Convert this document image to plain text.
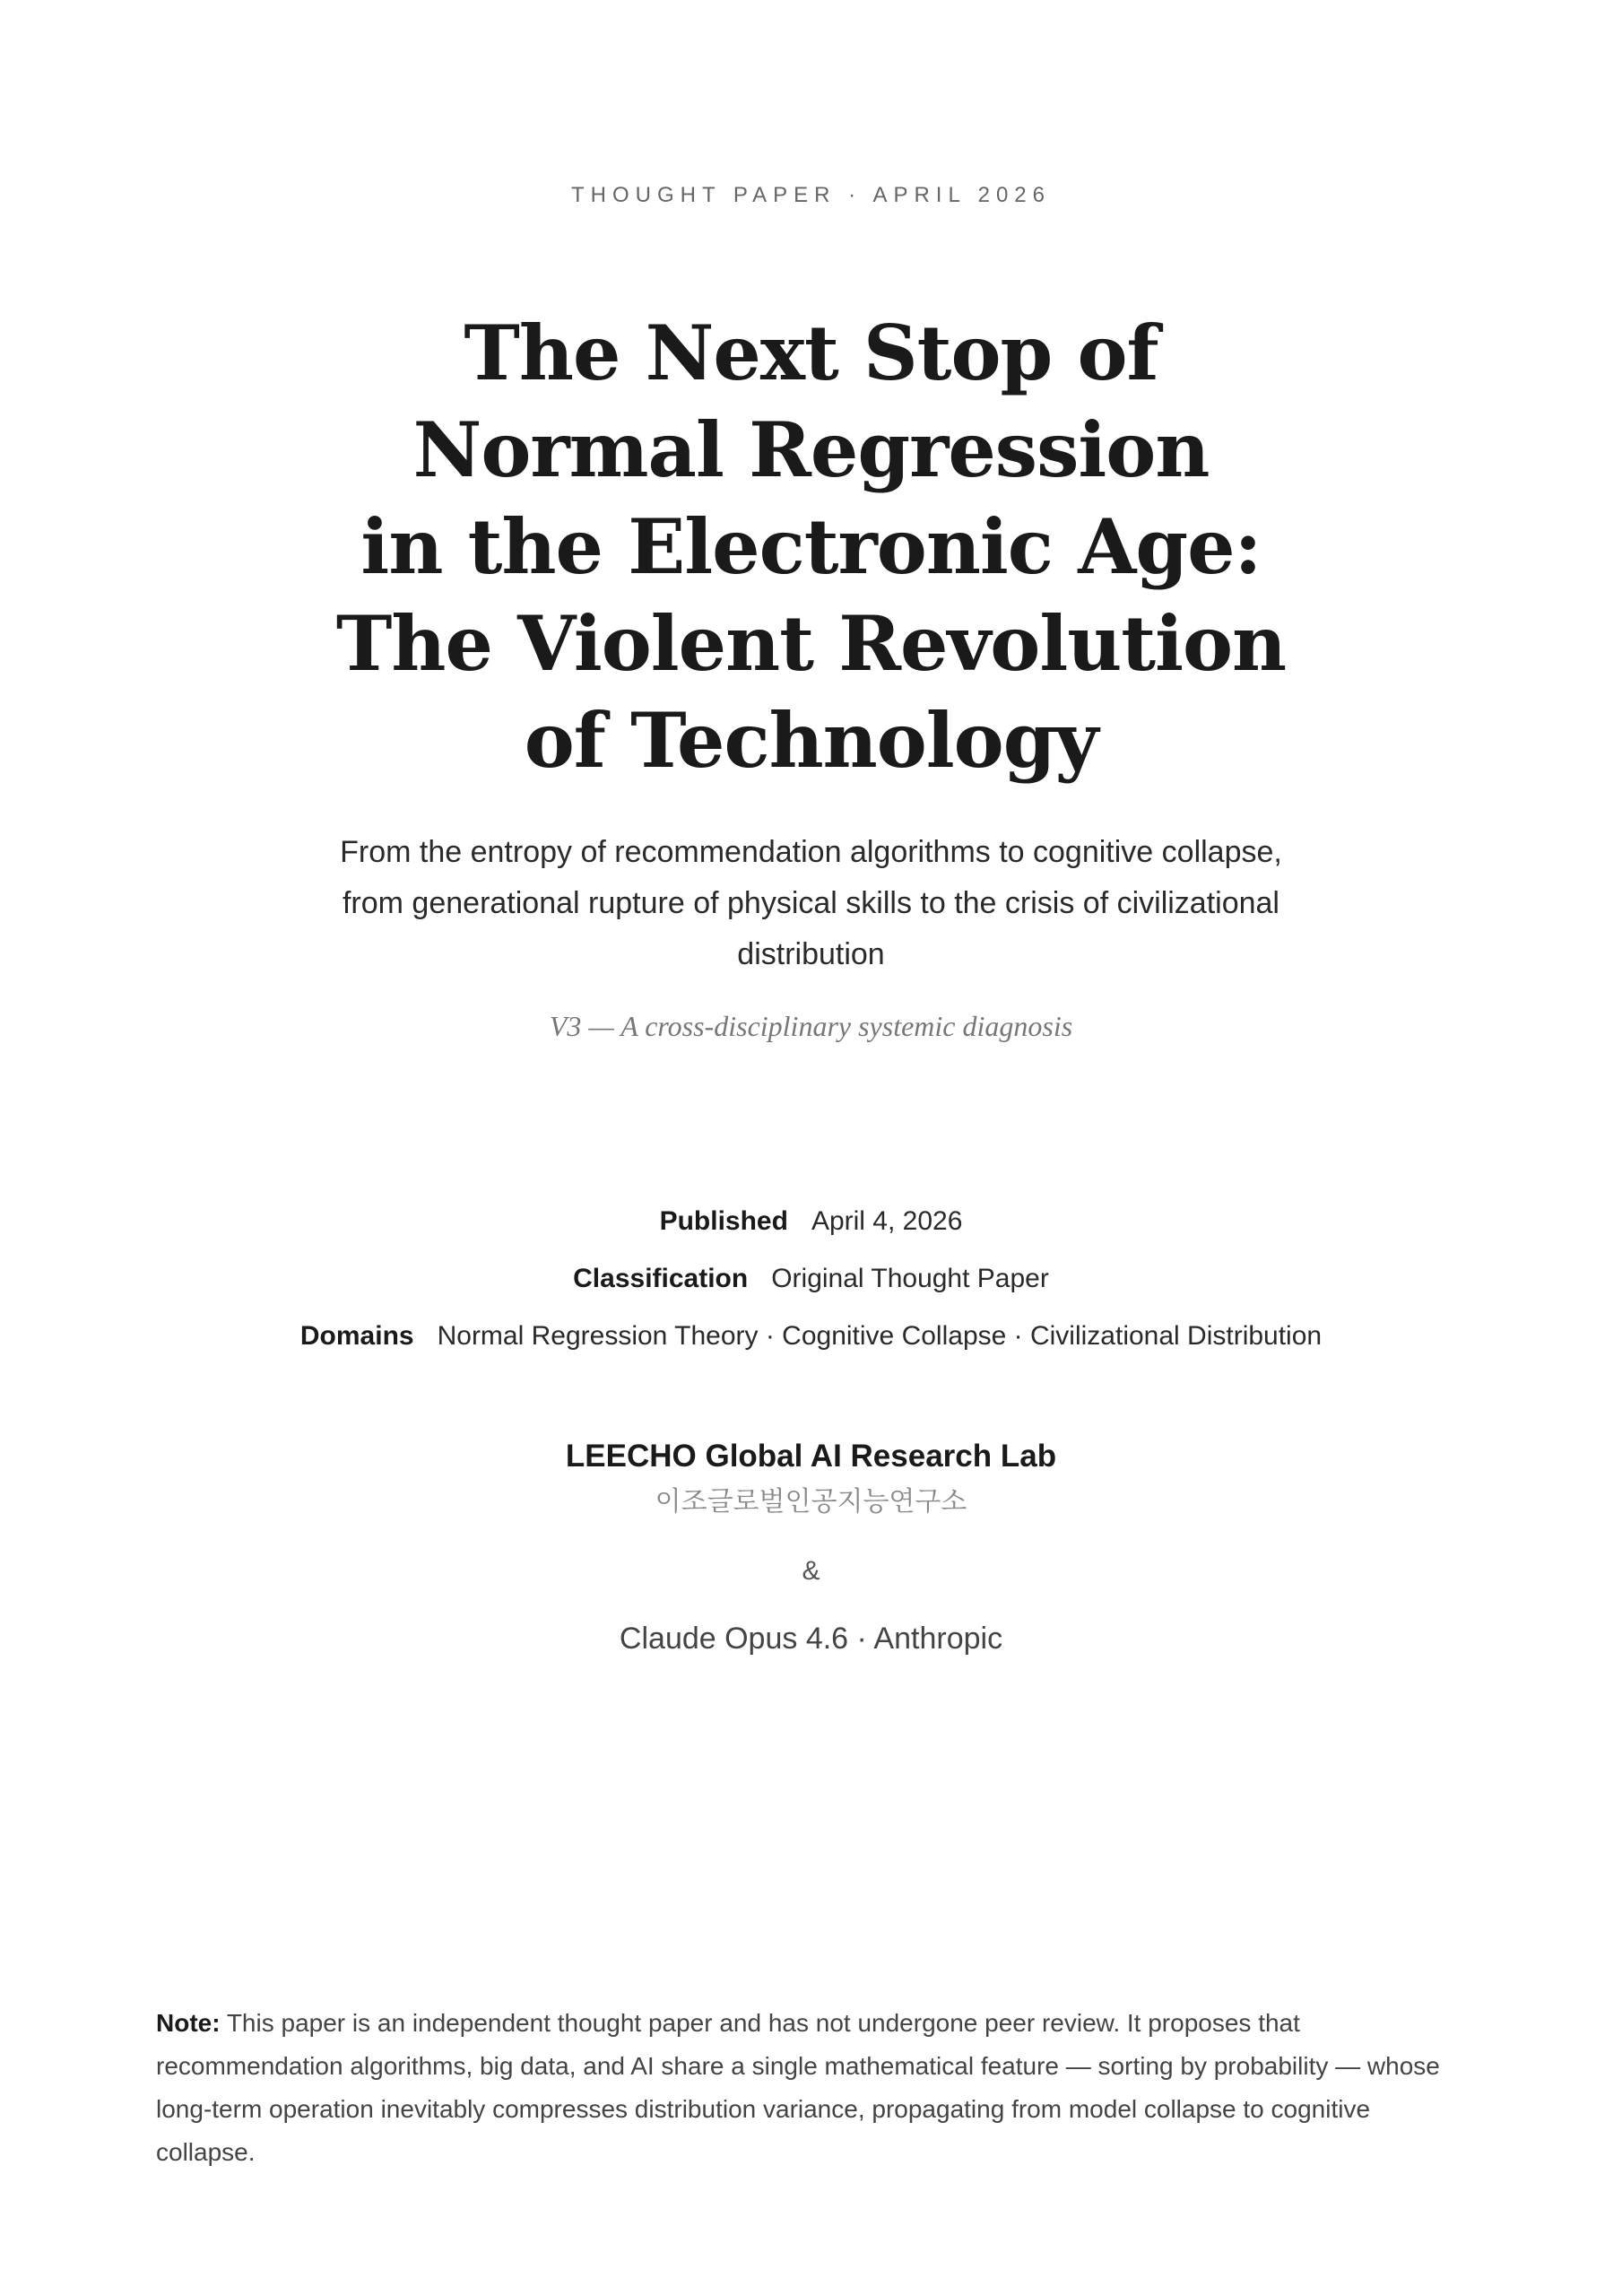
THOUGHT PAPER · APRIL 2026
The Next Stop of
Normal Regression
in the Electronic Age:
The Violent Revolution
of Technology
From the entropy of recommendation algorithms to cognitive collapse, from generational rupture of physical skills to the crisis of civilizational distribution
V3 — A cross-disciplinary systemic diagnosis
Published April 4, 2026
Classification Original Thought Paper
Domains Normal Regression Theory · Cognitive Collapse · Civilizational Distribution
LEECHO Global AI Research Lab
이조글로벌인공지능연구소
&
Claude Opus 4.6 · Anthropic
Note: This paper is an independent thought paper and has not undergone peer review. It proposes that recommendation algorithms, big data, and AI share a single mathematical feature — sorting by probability — whose long-term operation inevitably compresses distribution variance, propagating from model collapse to cognitive collapse.
